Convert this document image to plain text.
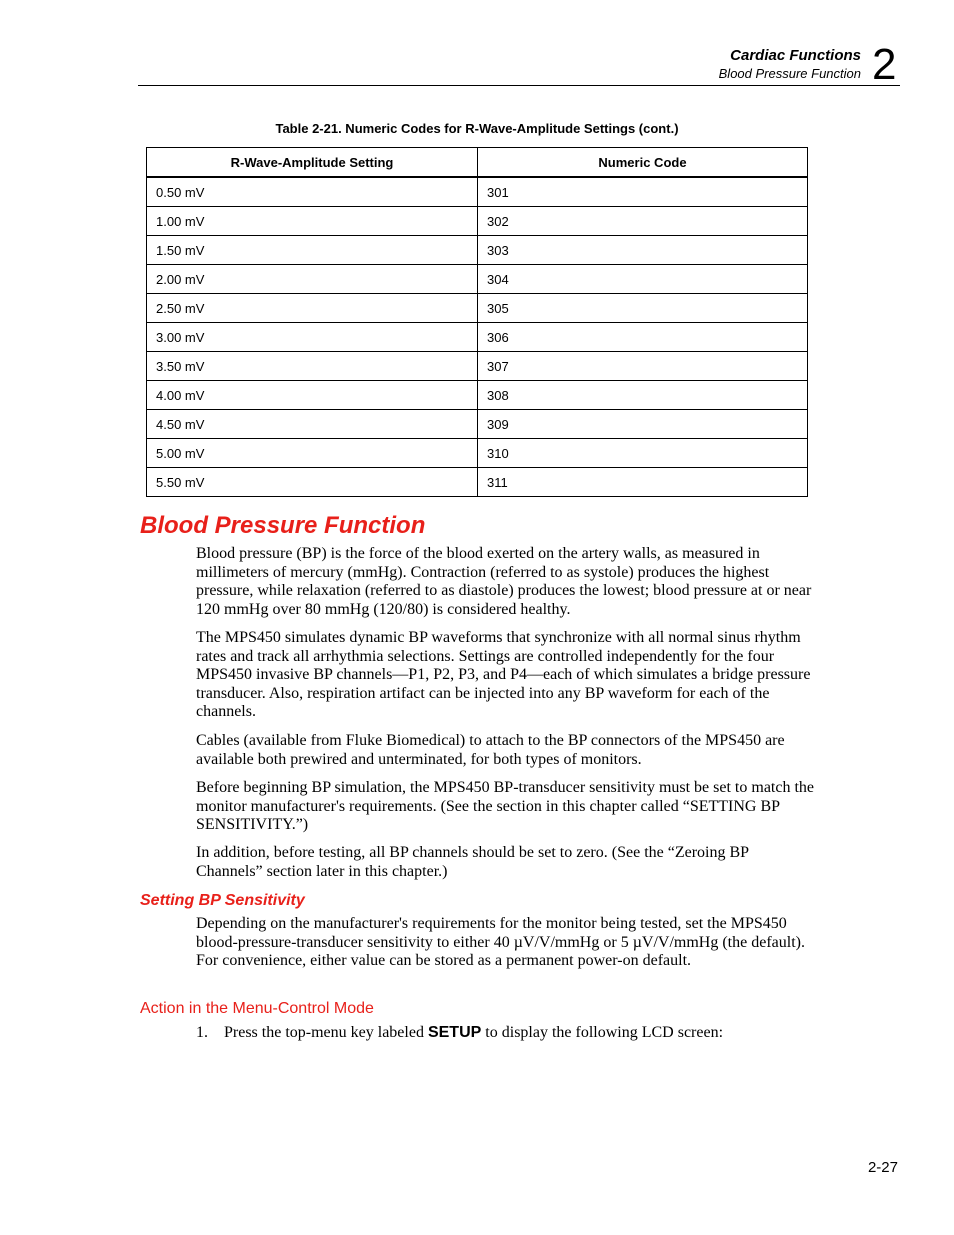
Cardiac Functions
Blood Pressure Function 2
Table 2-21. Numeric Codes for R-Wave-Amplitude Settings (cont.)
R-Wave-Amplitude Setting	Numeric Code
0.50 mV	301
1.00 mV	302
1.50 mV	303
2.00 mV	304
2.50 mV	305
3.00 mV	306
3.50 mV	307
4.00 mV	308
4.50 mV	309
5.00 mV	310
5.50 mV	311
Blood Pressure Function
Blood pressure (BP) is the force of the blood exerted on the artery walls, as measured in millimeters of mercury (mmHg). Contraction (referred to as systole) produces the highest pressure, while relaxation (referred to as diastole) produces the lowest; blood pressure at or near 120 mmHg over 80 mmHg (120/80) is considered healthy.
The MPS450 simulates dynamic BP waveforms that synchronize with all normal sinus rhythm rates and track all arrhythmia selections. Settings are controlled independently for the four MPS450 invasive BP channels—P1, P2, P3, and P4—each of which simulates a bridge pressure transducer. Also, respiration artifact can be injected into any BP waveform for each of the channels.
Cables (available from Fluke Biomedical) to attach to the BP connectors of the MPS450 are available both prewired and unterminated, for both types of monitors.
Before beginning BP simulation, the MPS450 BP-transducer sensitivity must be set to match the monitor manufacturer's requirements. (See the section in this chapter called “SETTING BP SENSITIVITY.”)
In addition, before testing, all BP channels should be set to zero. (See the “Zeroing BP Channels” section later in this chapter.)
Setting BP Sensitivity
Depending on the manufacturer's requirements for the monitor being tested, set the MPS450 blood-pressure-transducer sensitivity to either 40 µV/V/mmHg or 5 µV/V/mmHg (the default). For convenience, either value can be stored as a permanent power-on default.
Action in the Menu-Control Mode
1. Press the top-menu key labeled SETUP to display the following LCD screen:
2-27
